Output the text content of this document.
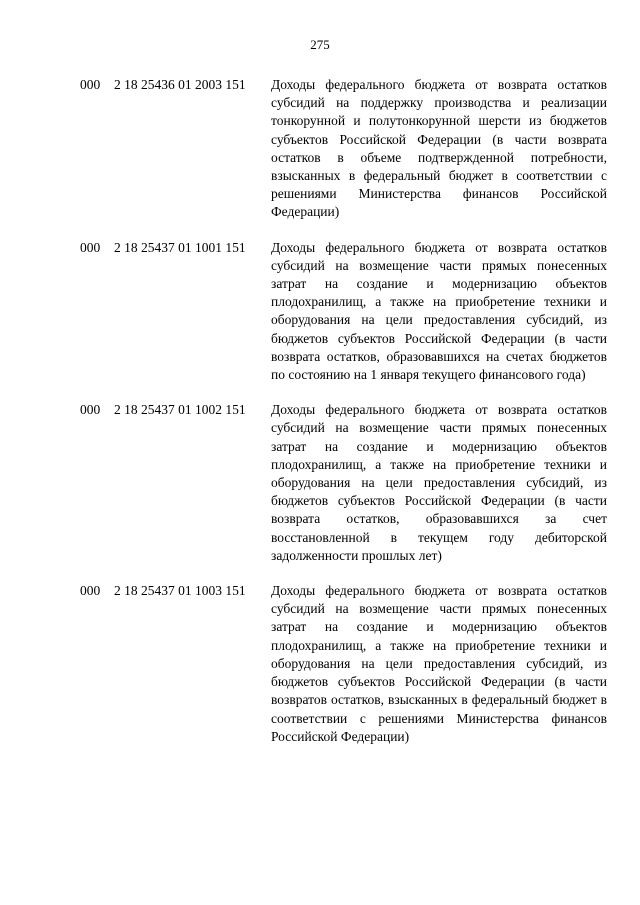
275
000 2 18 25436 01 2003 151 Доходы федерального бюджета от возврата остатков субсидий на поддержку производства и реализации тонкорунной и полутонкорунной шерсти из бюджетов субъектов Российской Федерации (в части возврата остатков в объеме подтвержденной потребности, взысканных в федеральный бюджет в соответствии с решениями Министерства финансов Российской Федерации)
000 2 18 25437 01 1001 151 Доходы федерального бюджета от возврата остатков субсидий на возмещение части прямых понесенных затрат на создание и модернизацию объектов плодохранилищ, а также на приобретение техники и оборудования на цели предоставления субсидий, из бюджетов субъектов Российской Федерации (в части возврата остатков, образовавшихся на счетах бюджетов по состоянию на 1 января текущего финансового года)
000 2 18 25437 01 1002 151 Доходы федерального бюджета от возврата остатков субсидий на возмещение части прямых понесенных затрат на создание и модернизацию объектов плодохранилищ, а также на приобретение техники и оборудования на цели предоставления субсидий, из бюджетов субъектов Российской Федерации (в части возврата остатков, образовавшихся за счет восстановленной в текущем году дебиторской задолженности прошлых лет)
000 2 18 25437 01 1003 151 Доходы федерального бюджета от возврата остатков субсидий на возмещение части прямых понесенных затрат на создание и модернизацию объектов плодохранилищ, а также на приобретение техники и оборудования на цели предоставления субсидий, из бюджетов субъектов Российской Федерации (в части возвратов остатков, взысканных в федеральный бюджет в соответствии с решениями Министерства финансов Российской Федерации)
